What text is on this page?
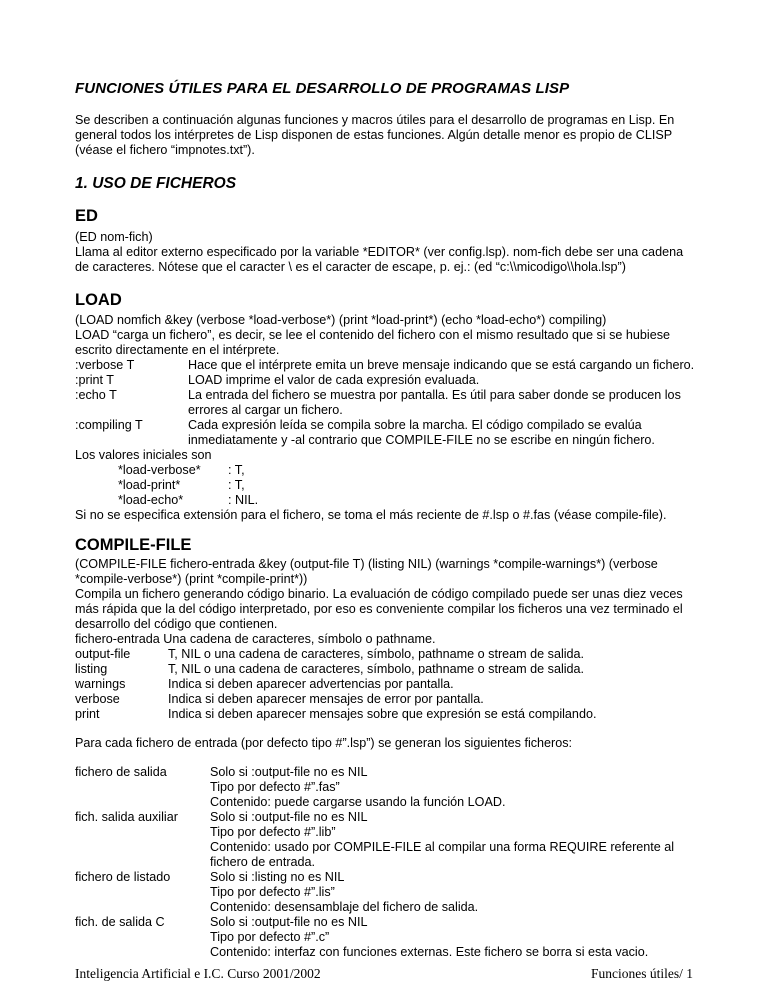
FUNCIONES ÚTILES PARA EL DESARROLLO DE PROGRAMAS LISP
Se describen a continuación algunas funciones y macros útiles para el desarrollo de programas en Lisp. En
general todos los intérpretes de Lisp disponen de estas funciones. Algún detalle menor es propio de CLISP
(véase el fichero “impnotes.txt”).
1. USO DE FICHEROS
ED
(ED nom-fich)
Llama al editor externo especificado por la variable *EDITOR* (ver config.lsp). nom-fich debe ser una cadena
de caracteres. Nótese que el caracter \ es el caracter de escape, p. ej.: (ed “c:\\micodigo\\hola.lsp”)
LOAD
(LOAD nomfich &key (verbose *load-verbose*) (print *load-print*) (echo *load-echo*) compiling)
LOAD “carga un fichero”, es decir, se lee el contenido del fichero con el mismo resultado que si se hubiese
escrito directamente en el intérprete.
:verbose T	Hace que el intérprete emita un breve mensaje indicando que se está cargando un fichero.
:print T	LOAD imprime el valor de cada expresión evaluada.
:echo T	La entrada del fichero se muestra por pantalla. Es útil para saber donde se producen los
errores al cargar un fichero.
:compiling T	Cada expresión leída se compila sobre la marcha. El código compilado se evalúa
inmediatamente y -al contrario que COMPILE-FILE no se escribe en ningún fichero.
Los valores iniciales son
*load-verbose* : T,
*load-print*	: T,
*load-echo*	: NIL.
Si no se especifica extensión para el fichero, se toma el más reciente de #.lsp o #.fas (véase compile-file).
COMPILE-FILE
(COMPILE-FILE fichero-entrada &key (output-file T) (listing NIL) (warnings *compile-warnings*) (verbose
*compile-verbose*) (print *compile-print*))
Compila un fichero generando código binario. La evaluación de código compilado puede ser unas diez veces
más rápida que la del código interpretado, por eso es conveniente compilar los ficheros una vez terminado el
desarrollo del código que contienen.
fichero-entrada Una cadena de caracteres, símbolo o pathname.
output-file	T, NIL o una cadena de caracteres, símbolo, pathname o stream de salida.
listing	T, NIL o una cadena de caracteres, símbolo, pathname o stream de salida.
warnings	Indica si deben aparecer advertencias por pantalla.
verbose	Indica si deben aparecer mensajes de error por pantalla.
print	Indica si deben aparecer mensajes sobre que expresión se está compilando.
Para cada fichero de entrada (por defecto tipo #”.lsp”) se generan los siguientes ficheros:
fichero de salida	Solo si :output-file no es NIL
Tipo por defecto #”.fas”
Contenido: puede cargarse usando la función LOAD.
fich. salida auxiliar	Solo si :output-file no es NIL
Tipo por defecto #”.lib”
Contenido: usado por COMPILE-FILE al compilar una forma REQUIRE referente al
fichero de entrada.
fichero de listado	Solo si :listing no es NIL
Tipo por defecto #”.lis”
Contenido: desensamblaje del fichero de salida.
fich. de salida C	Solo si :output-file no es NIL
Tipo por defecto #”.c”
Contenido: interfaz con funciones externas. Este fichero se borra si esta vacio.
Inteligencia Artificial e I.C. Curso 2001/2002	Funciones útiles/ 1
